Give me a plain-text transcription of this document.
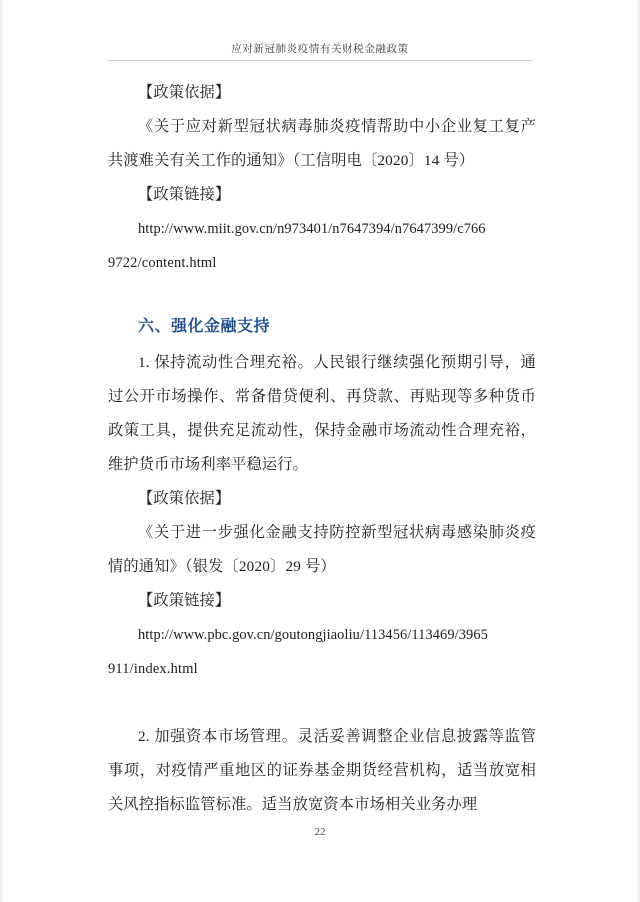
应对新冠肺炎疫情有关财税金融政策

【政策依据】

《关于应对新型冠状病毒肺炎疫情帮助中小企业复工复产共渡难关有关工作的通知》（工信明电〔2020〕14 号）

【政策链接】

http://www.miit.gov.cn/n973401/n7647394/n7647399/c766

9722/content.html

六、强化金融支持

1. 保持流动性合理充裕。人民银行继续强化预期引导，通过公开市场操作、常备借贷便利、再贷款、再贴现等多种货币政策工具，提供充足流动性，保持金融市场流动性合理充裕，维护货币市场利率平稳运行。

【政策依据】

《关于进一步强化金融支持防控新型冠状病毒感染肺炎疫情的通知》（银发〔2020〕29 号）

【政策链接】

http://www.pbc.gov.cn/goutongjiaoliu/113456/113469/3965

911/index.html

2. 加强资本市场管理。灵活妥善调整企业信息披露等监管事项，对疫情严重地区的证券基金期货经营机构，适当放宽相关风控指标监管标准。适当放宽资本市场相关业务办理

22
